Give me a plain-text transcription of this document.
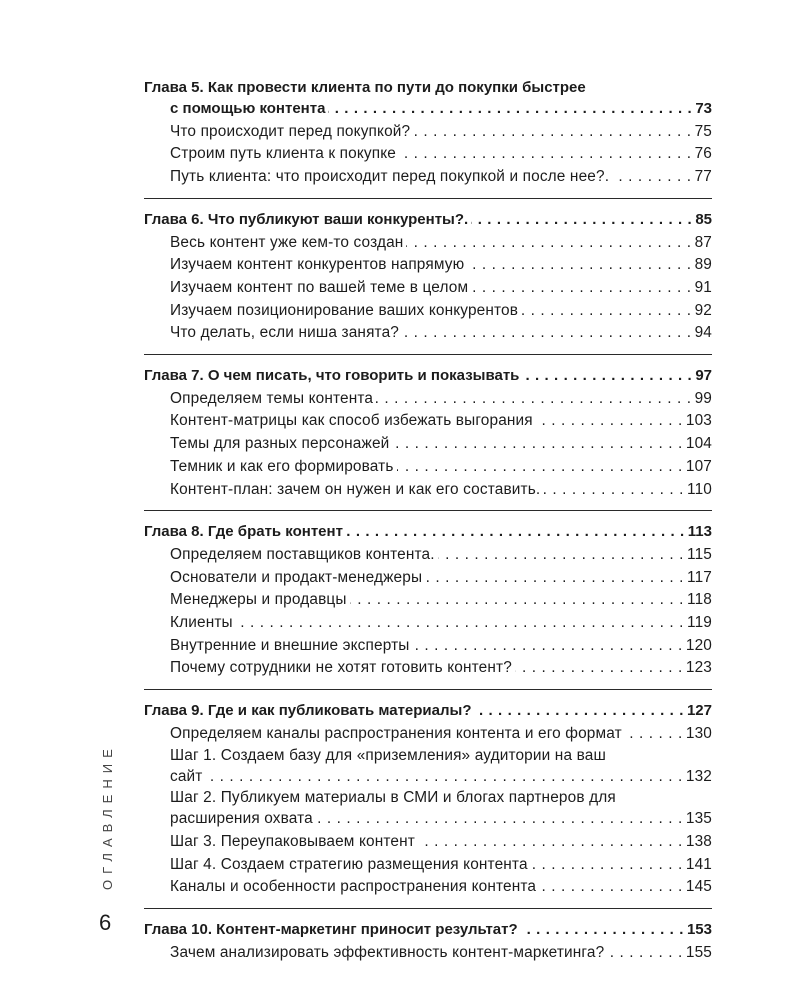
Глава 5. Как провести клиента по пути до покупки быстрее
с помощью контента . . .	73
Что происходит перед покупкой? . . .	75
Строим путь клиента к покупке . . .	76
Путь клиента: что происходит перед покупкой и после нее?. . . .	77
Глава 6. Что публикуют ваши конкуренты?. . . .	85
Весь контент уже кем-то создан . . .	87
Изучаем контент конкурентов напрямую . . .	89
Изучаем контент по вашей теме в целом . . .	91
Изучаем позиционирование ваших конкурентов . . .	92
Что делать, если ниша занята? . . .	94
Глава 7. О чем писать, что говорить и показывать . . .	97
Определяем темы контента . . .	99
Контент-матрицы как способ избежать выгорания . . .	103
Темы для разных персонажей . . .	104
Темник и как его формировать . . .	107
Контент-план: зачем он нужен и как его составить. . . .	110
Глава 8. Где брать контент . . .	113
Определяем поставщиков контента. . . .	115
Основатели и продакт-менеджеры . . .	117
Менеджеры и продавцы . . .	118
Клиенты . . .	119
Внутренние и внешние эксперты . . .	120
Почему сотрудники не хотят готовить контент? . . .	123
Глава 9. Где и как публиковать материалы? . . .	127
Определяем каналы распространения контента и его формат . . .	130
Шаг 1. Создаем базу для «приземления» аудитории на ваш
сайт . . .	132
Шаг 2. Публикуем материалы в СМИ и блогах партнеров для
расширения охвата . . .	135
Шаг 3. Переупаковываем контент . . .	138
Шаг 4. Создаем стратегию размещения контента . . .	141
Каналы и особенности распространения контента . . .	145
Глава 10. Контент-маркетинг приносит результат? . . .	153
Зачем анализировать эффективность контент-маркетинга? . . .	155
ОГЛАВЛЕНИЕ
6
